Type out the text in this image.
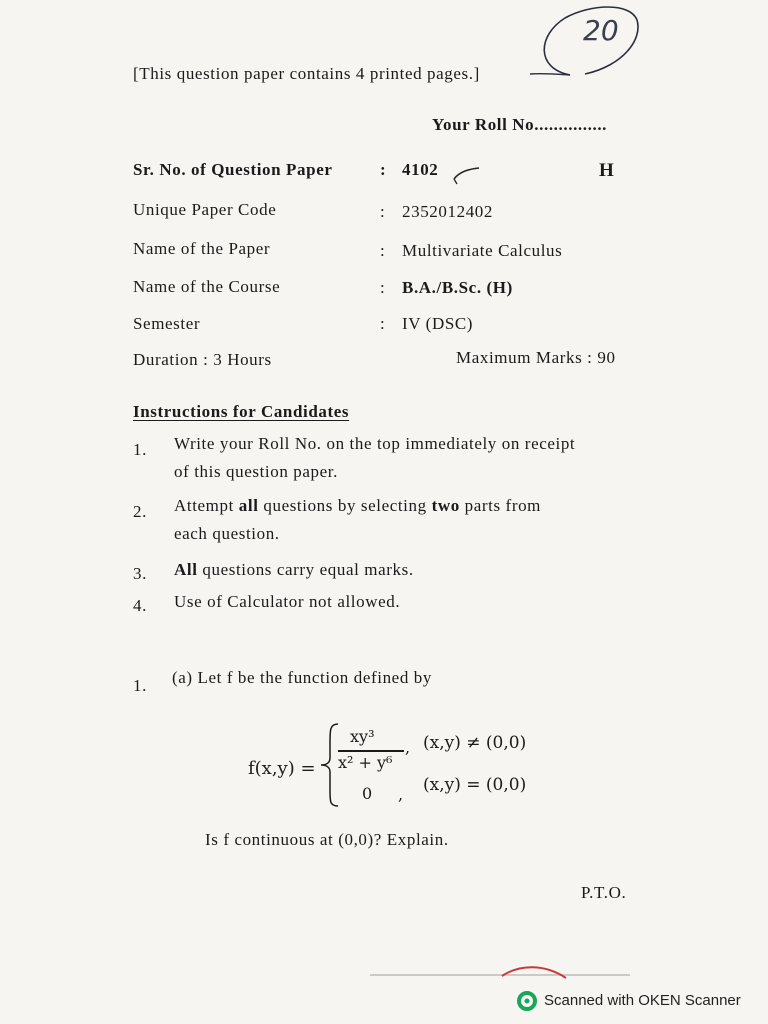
20
[This question paper contains 4 printed pages.]
Your Roll No...............
Sr. No. of Question Paper	: 4102	H
Unique Paper Code	: 2352012402
Name of the Paper	: Multivariate Calculus
Name of the Course	: B.A./B.Sc. (H)
Semester	: IV (DSC)
Duration : 3 Hours	Maximum Marks : 90
Instructions for Candidates
1.	Write your Roll No. on the top immediately on receipt
of this question paper.
2.	Attempt all questions by selecting two parts from
each question.
3.	All questions carry equal marks.
4.	Use of Calculator not allowed.
1. (a) Let f be the function defined by
f(x,y) =
xy³
x² + y⁶
, (x,y) ≠ (0,0)
0 , (x,y) = (0,0)
Is f continuous at (0,0)? Explain.
P.T.O.
Scanned with OKEN Scanner
